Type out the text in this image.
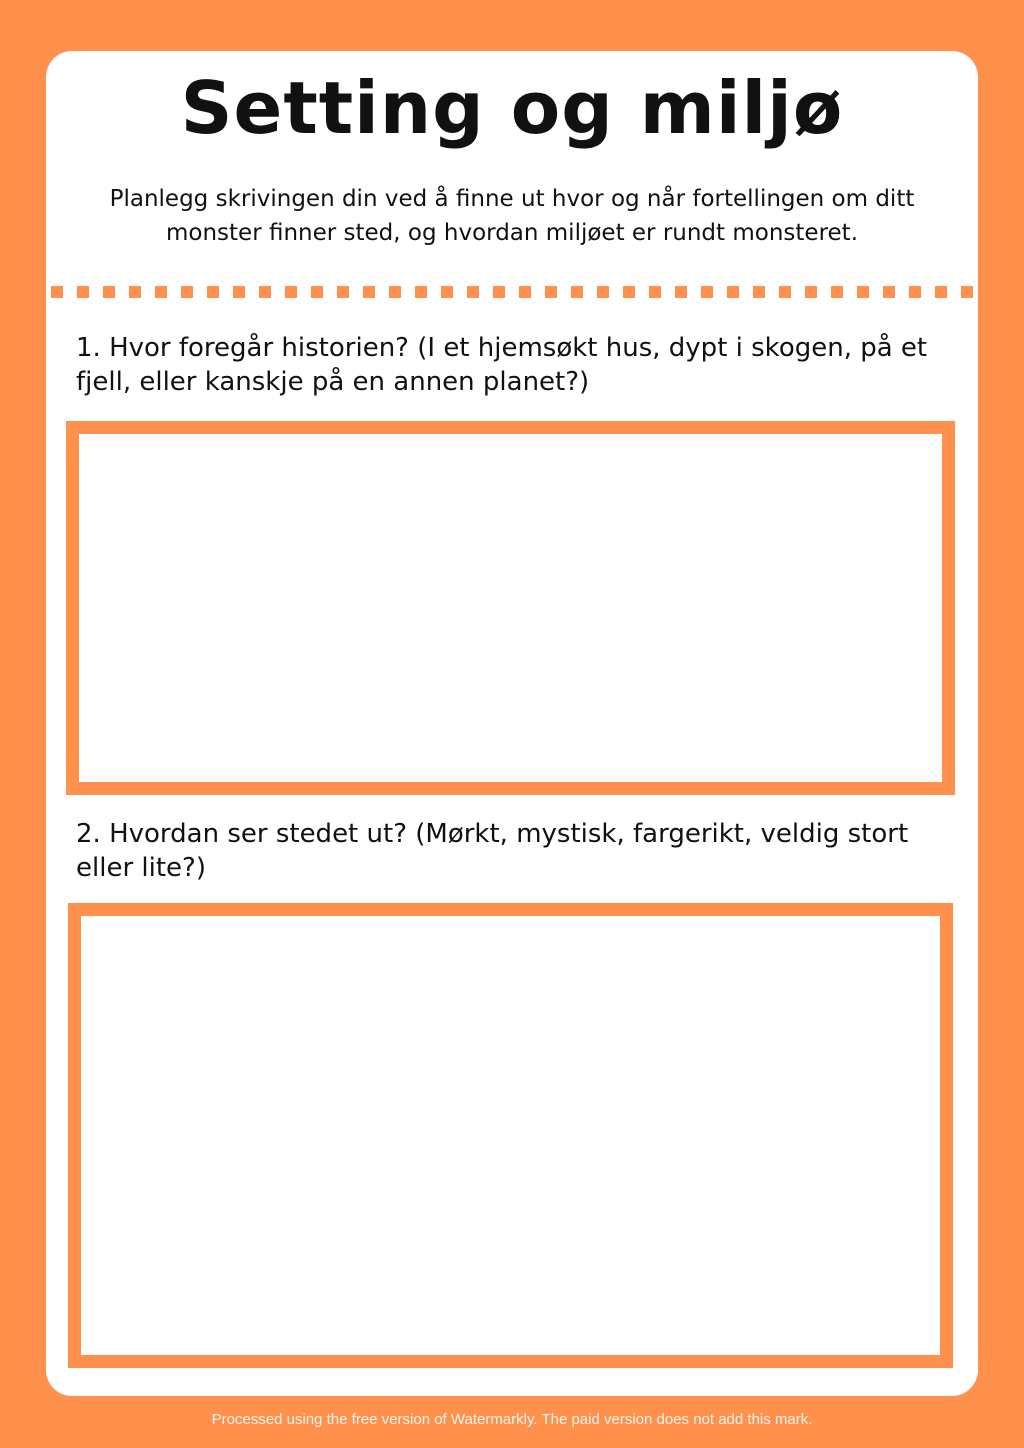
Setting og miljø

Planlegg skrivingen din ved å finne ut hvor og når fortellingen om ditt monster finner sted, og hvordan miljøet er rundt monsteret.

1. Hvor foregår historien? (I et hjemsøkt hus, dypt i skogen, på et fjell, eller kanskje på en annen planet?)

2. Hvordan ser stedet ut? (Mørkt, mystisk, fargerikt, veldig stort eller lite?)

Processed using the free version of Watermarkly. The paid version does not add this mark.
